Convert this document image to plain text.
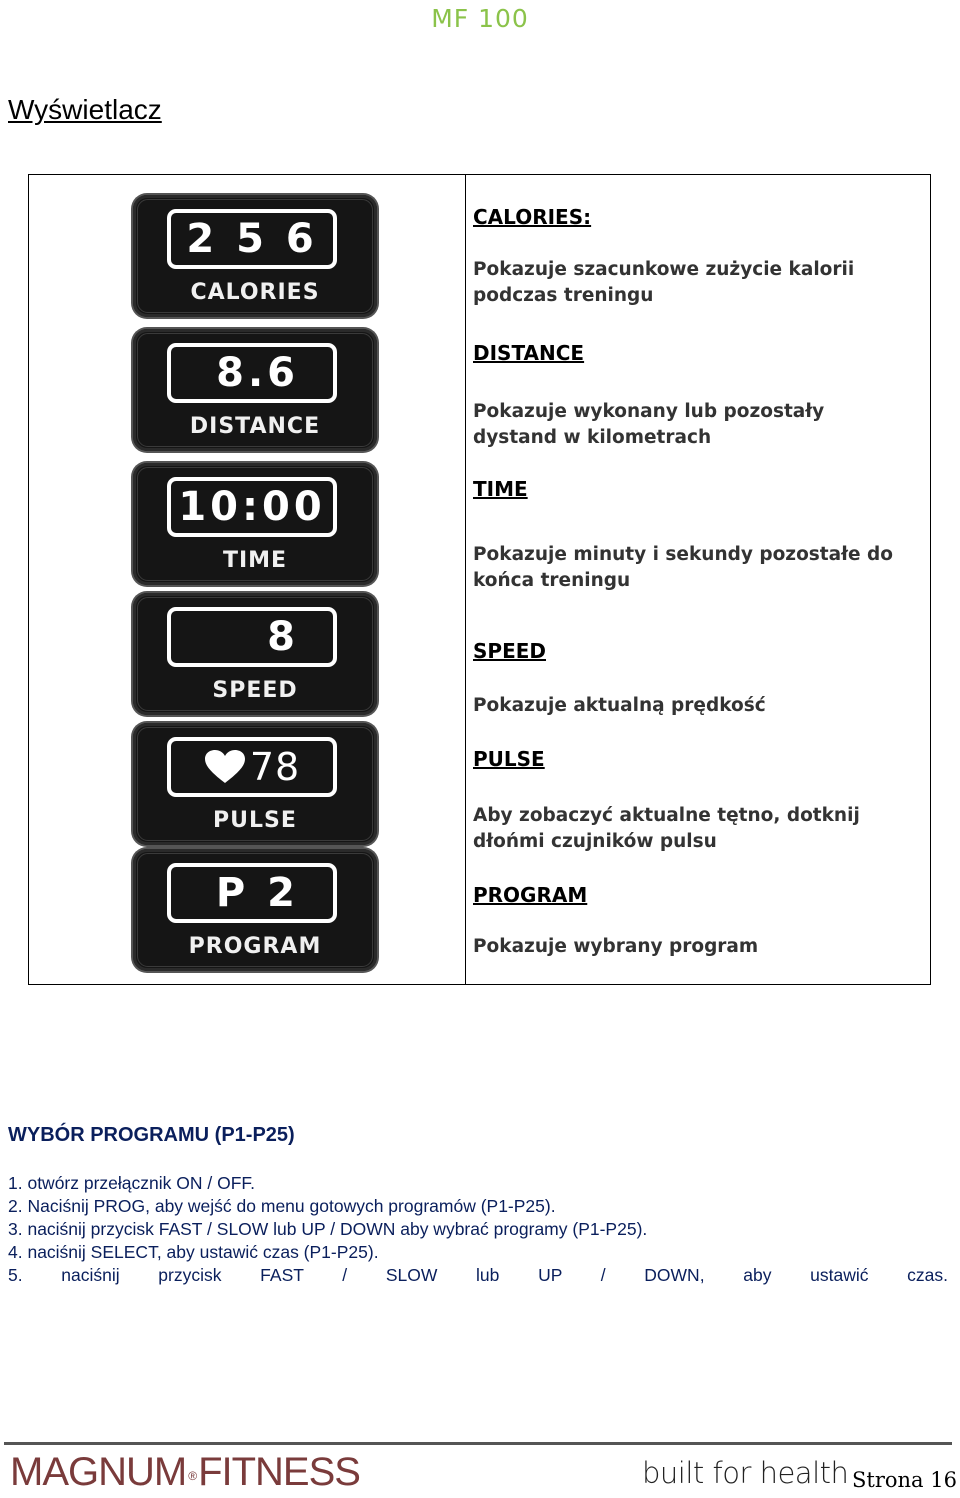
MF 100
Wyświetlacz
2 5 6
CALORIES
8.6
DISTANCE
10:00
TIME
8
SPEED
78
PULSE
P 2
PROGRAM
CALORIES:
Pokazuje szacunkowe zużycie kalorii podczas treningu
DISTANCE
Pokazuje wykonany lub pozostały dystand w kilometrach
TIME
Pokazuje minuty i sekundy pozostałe do końca treningu
SPEED
Pokazuje aktualną prędkość
PULSE
Aby zobaczyć aktualne tętno, dotknij dłońmi czujników pulsu
PROGRAM
Pokazuje wybrany program
WYBÓR PROGRAMU (P1-P25)
1. otwórz przełącznik ON / OFF.
2. Naciśnij PROG, aby wejść do menu gotowych programów (P1-P25).
3. naciśnij przycisk FAST / SLOW lub UP / DOWN aby wybrać programy (P1-P25).
4. naciśnij SELECT, aby ustawić czas (P1-P25).
5. naciśnij przycisk FAST / SLOW lub UP / DOWN, aby ustawić czas.
MAGNUM ®FITNESS	built for health Strona 16
